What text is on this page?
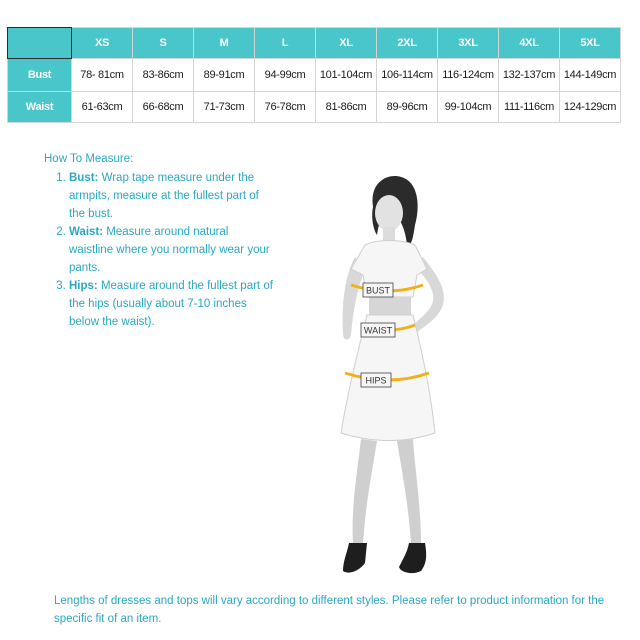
	XS	S	M	L	XL	2XL	3XL	4XL	5XL
Bust	78- 81cm	83-86cm	89-91cm	94-99cm	101-104cm	106-114cm	116-124cm	132-137cm	144-149cm
Waist	61-63cm	66-68cm	71-73cm	76-78cm	81-86cm	89-96cm	99-104cm	111-116cm	124-129cm
How To Measure:
1. Bust: Wrap tape measure under the armpits, measure at the fullest part of the bust.
2. Waist: Measure around natural waistline where you normally wear your pants.
3. Hips: Measure around the fullest part of the hips (usually about 7-10 inches below the waist).
BUST
WAIST
HIPS
Lengths of dresses and tops will vary according to different styles. Please refer to product information for the specific fit of an item.
